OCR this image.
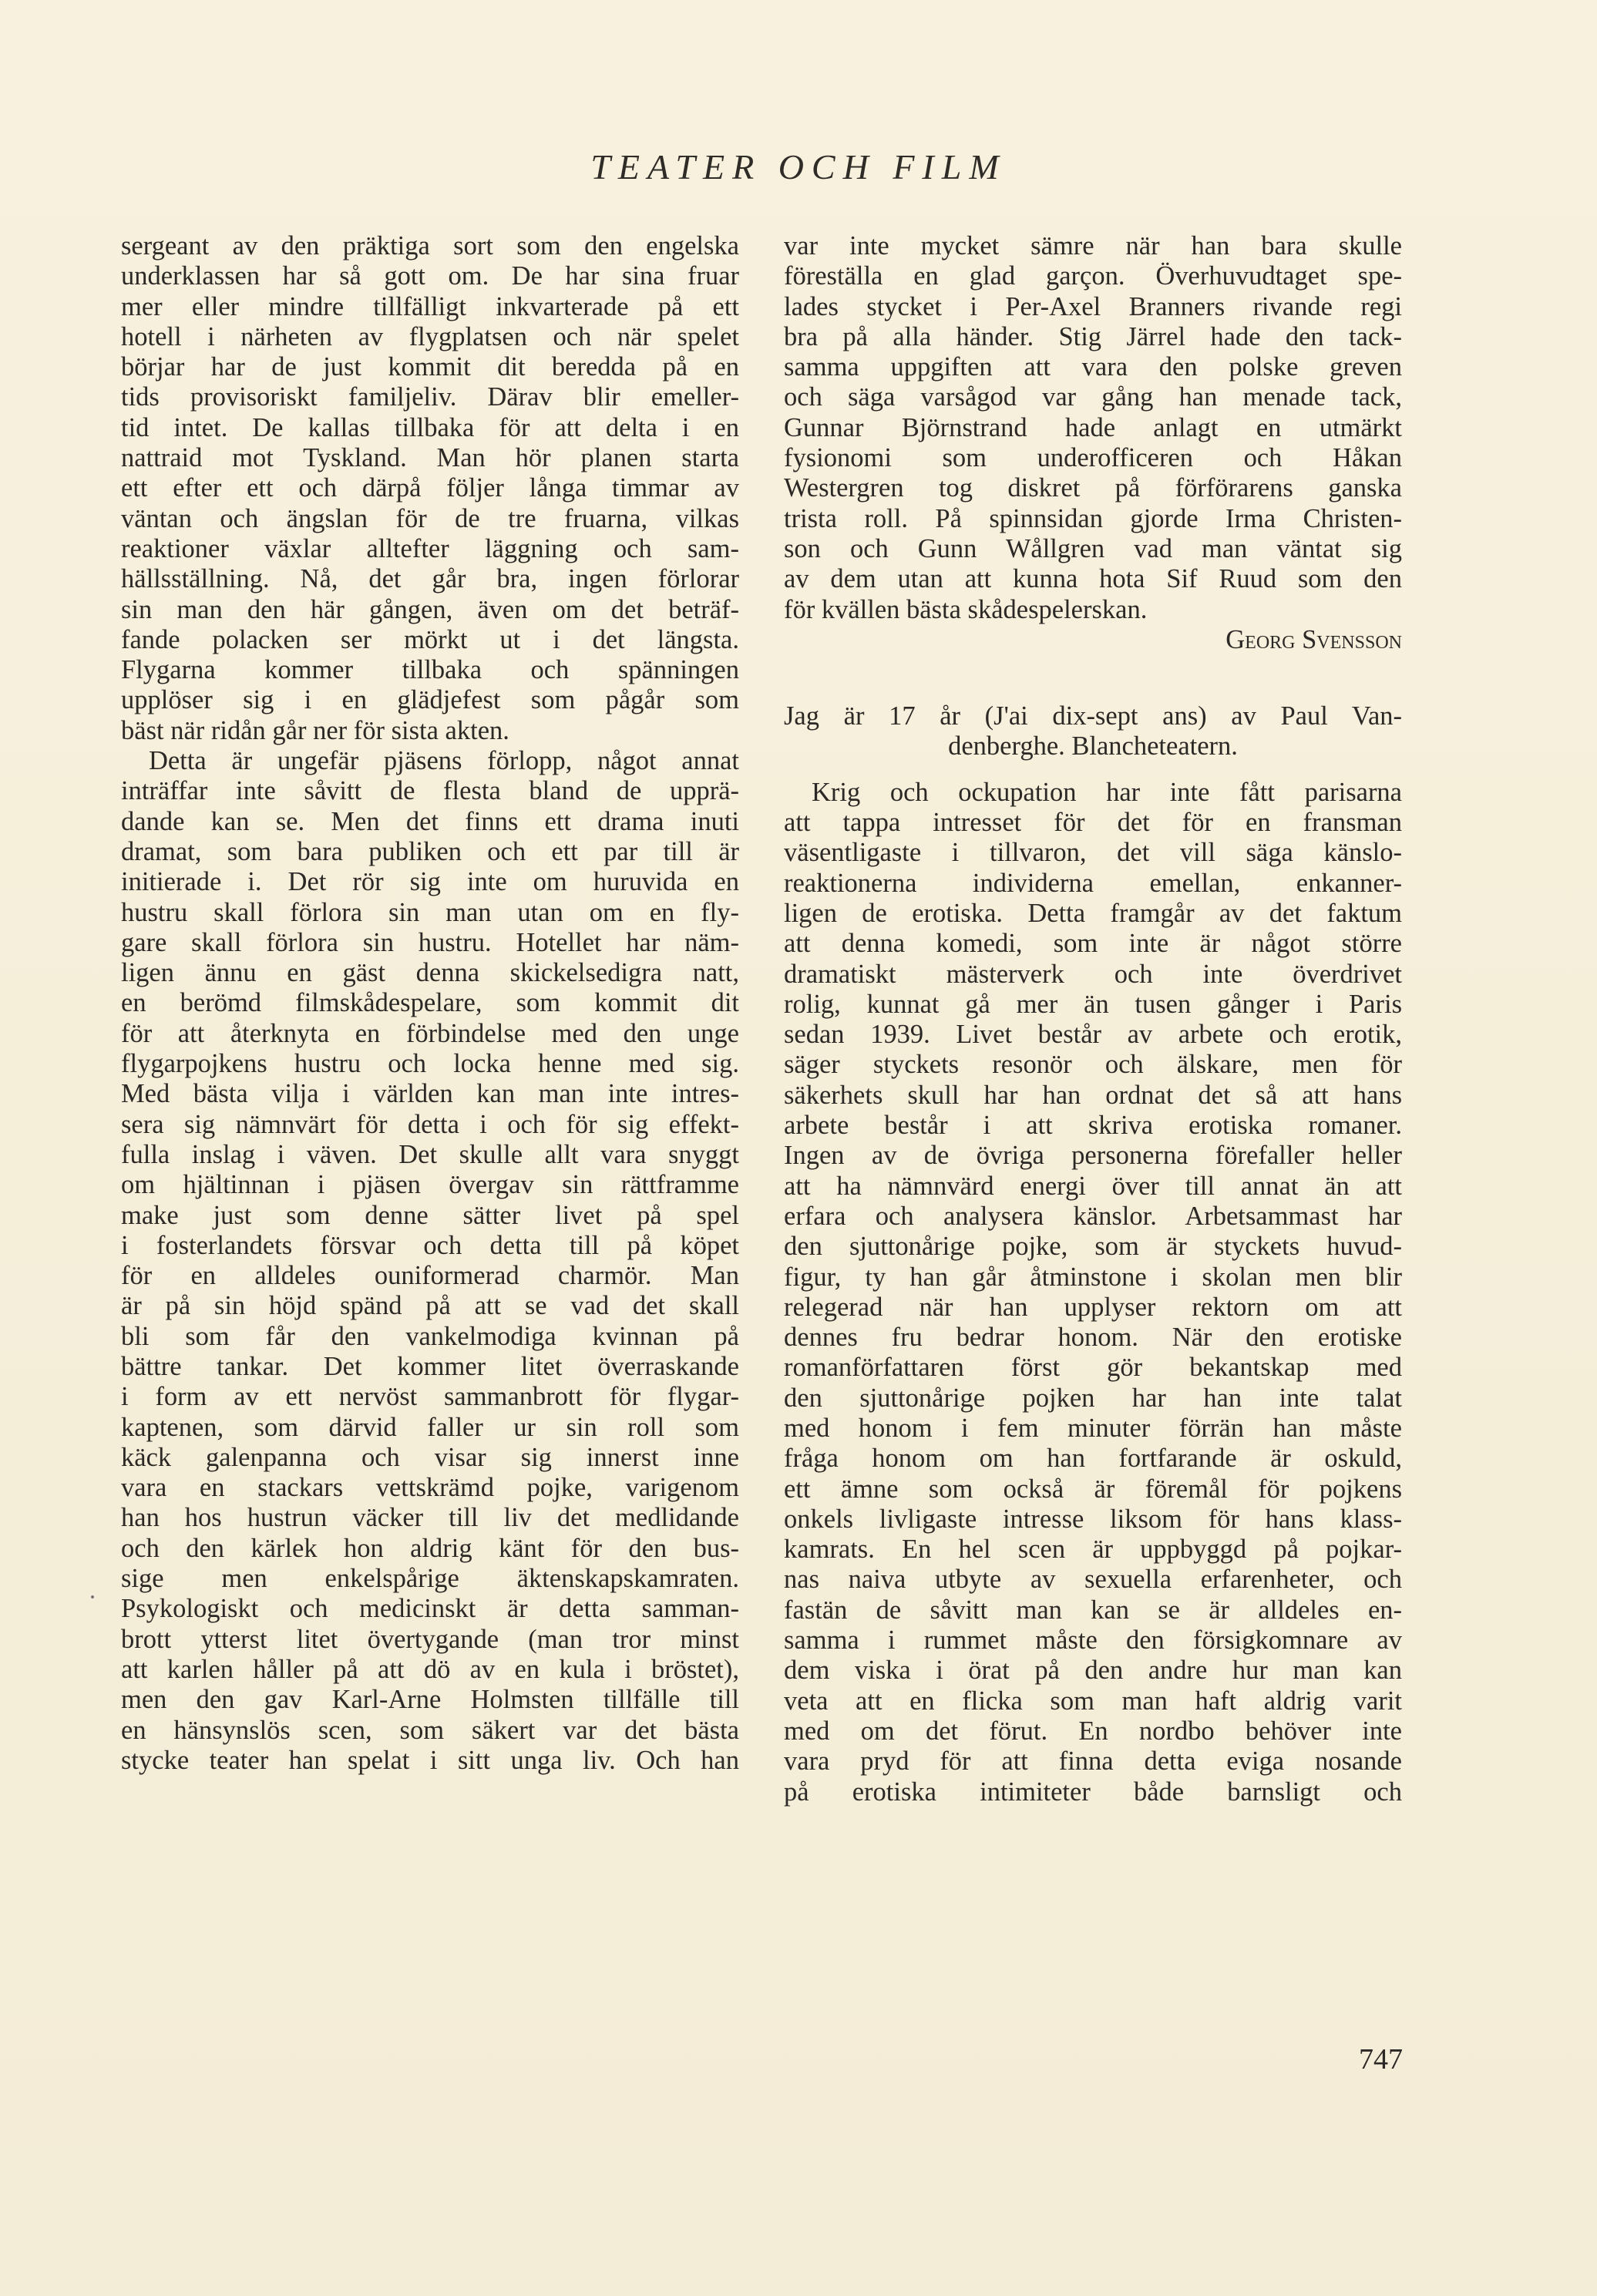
TEATER OCH FILM
sergeant av den präktiga sort som den engelska
underklassen har så gott om. De har sina fruar
mer eller mindre tillfälligt inkvarterade på ett
hotell i närheten av flygplatsen och när spelet
börjar har de just kommit dit beredda på en
tids provisoriskt familjeliv. Därav blir emeller-
tid intet. De kallas tillbaka för att delta i en
nattraid mot Tyskland. Man hör planen starta
ett efter ett och därpå följer långa timmar av
väntan och ängslan för de tre fruarna, vilkas
reaktioner växlar alltefter läggning och sam-
hällsställning. Nå, det går bra, ingen förlorar
sin man den här gången, även om det beträf-
fande polacken ser mörkt ut i det längsta.
Flygarna kommer tillbaka och spänningen
upplöser sig i en glädjefest som pågår som
bäst när ridån går ner för sista akten.
Detta är ungefär pjäsens förlopp, något annat
inträffar inte såvitt de flesta bland de upprä-
dande kan se. Men det finns ett drama inuti
dramat, som bara publiken och ett par till är
initierade i. Det rör sig inte om huruvida en
hustru skall förlora sin man utan om en fly-
gare skall förlora sin hustru. Hotellet har näm-
ligen ännu en gäst denna skickelsedigra natt,
en berömd filmskådespelare, som kommit dit
för att återknyta en förbindelse med den unge
flygarpojkens hustru och locka henne med sig.
Med bästa vilja i världen kan man inte intres-
sera sig nämnvärt för detta i och för sig effekt-
fulla inslag i väven. Det skulle allt vara snyggt
om hjältinnan i pjäsen övergav sin rättframme
make just som denne sätter livet på spel
i fosterlandets försvar och detta till på köpet
för en alldeles ouniformerad charmör. Man
är på sin höjd spänd på att se vad det skall
bli som får den vankelmodiga kvinnan på
bättre tankar. Det kommer litet överraskande
i form av ett nervöst sammanbrott för flygar-
kaptenen, som därvid faller ur sin roll som
käck galenpanna och visar sig innerst inne
vara en stackars vettskrämd pojke, varigenom
han hos hustrun väcker till liv det medlidande
och den kärlek hon aldrig känt för den bus-
sige men enkelspårige äktenskapskamraten.
Psykologiskt och medicinskt är detta samman-
brott ytterst litet övertygande (man tror minst
att karlen håller på att dö av en kula i bröstet),
men den gav Karl-Arne Holmsten tillfälle till
en hänsynslös scen, som säkert var det bästa
stycke teater han spelat i sitt unga liv. Och han
var inte mycket sämre när han bara skulle
föreställa en glad garçon. Överhuvudtaget spe-
lades stycket i Per-Axel Branners rivande regi
bra på alla händer. Stig Järrel hade den tack-
samma uppgiften att vara den polske greven
och säga varsågod var gång han menade tack,
Gunnar Björnstrand hade anlagt en utmärkt
fysionomi som underofficeren och Håkan
Westergren tog diskret på förförarens ganska
trista roll. På spinnsidan gjorde Irma Christen-
son och Gunn Wållgren vad man väntat sig
av dem utan att kunna hota Sif Ruud som den
för kvällen bästa skådespelerskan.
Georg Svensson
Jag är 17 år (J'ai dix-sept ans) av Paul Van-
denberghe. Blancheteatern.
Krig och ockupation har inte fått parisarna
att tappa intresset för det för en fransman
väsentligaste i tillvaron, det vill säga känslo-
reaktionerna individerna emellan, enkanner-
ligen de erotiska. Detta framgår av det faktum
att denna komedi, som inte är något större
dramatiskt mästerverk och inte överdrivet
rolig, kunnat gå mer än tusen gånger i Paris
sedan 1939. Livet består av arbete och erotik,
säger styckets resonör och älskare, men för
säkerhets skull har han ordnat det så att hans
arbete består i att skriva erotiska romaner.
Ingen av de övriga personerna förefaller heller
att ha nämnvärd energi över till annat än att
erfara och analysera känslor. Arbetsammast har
den sjuttonårige pojke, som är styckets huvud-
figur, ty han går åtminstone i skolan men blir
relegerad när han upplyser rektorn om att
dennes fru bedrar honom. När den erotiske
romanförfattaren först gör bekantskap med
den sjuttonårige pojken har han inte talat
med honom i fem minuter förrän han måste
fråga honom om han fortfarande är oskuld,
ett ämne som också är föremål för pojkens
onkels livligaste intresse liksom för hans klass-
kamrats. En hel scen är uppbyggd på pojkar-
nas naiva utbyte av sexuella erfarenheter, och
fastän de såvitt man kan se är alldeles en-
samma i rummet måste den försigkomnare av
dem viska i örat på den andre hur man kan
veta att en flicka som man haft aldrig varit
med om det förut. En nordbo behöver inte
vara pryd för att finna detta eviga nosande
på erotiska intimiteter både barnsligt och
747
